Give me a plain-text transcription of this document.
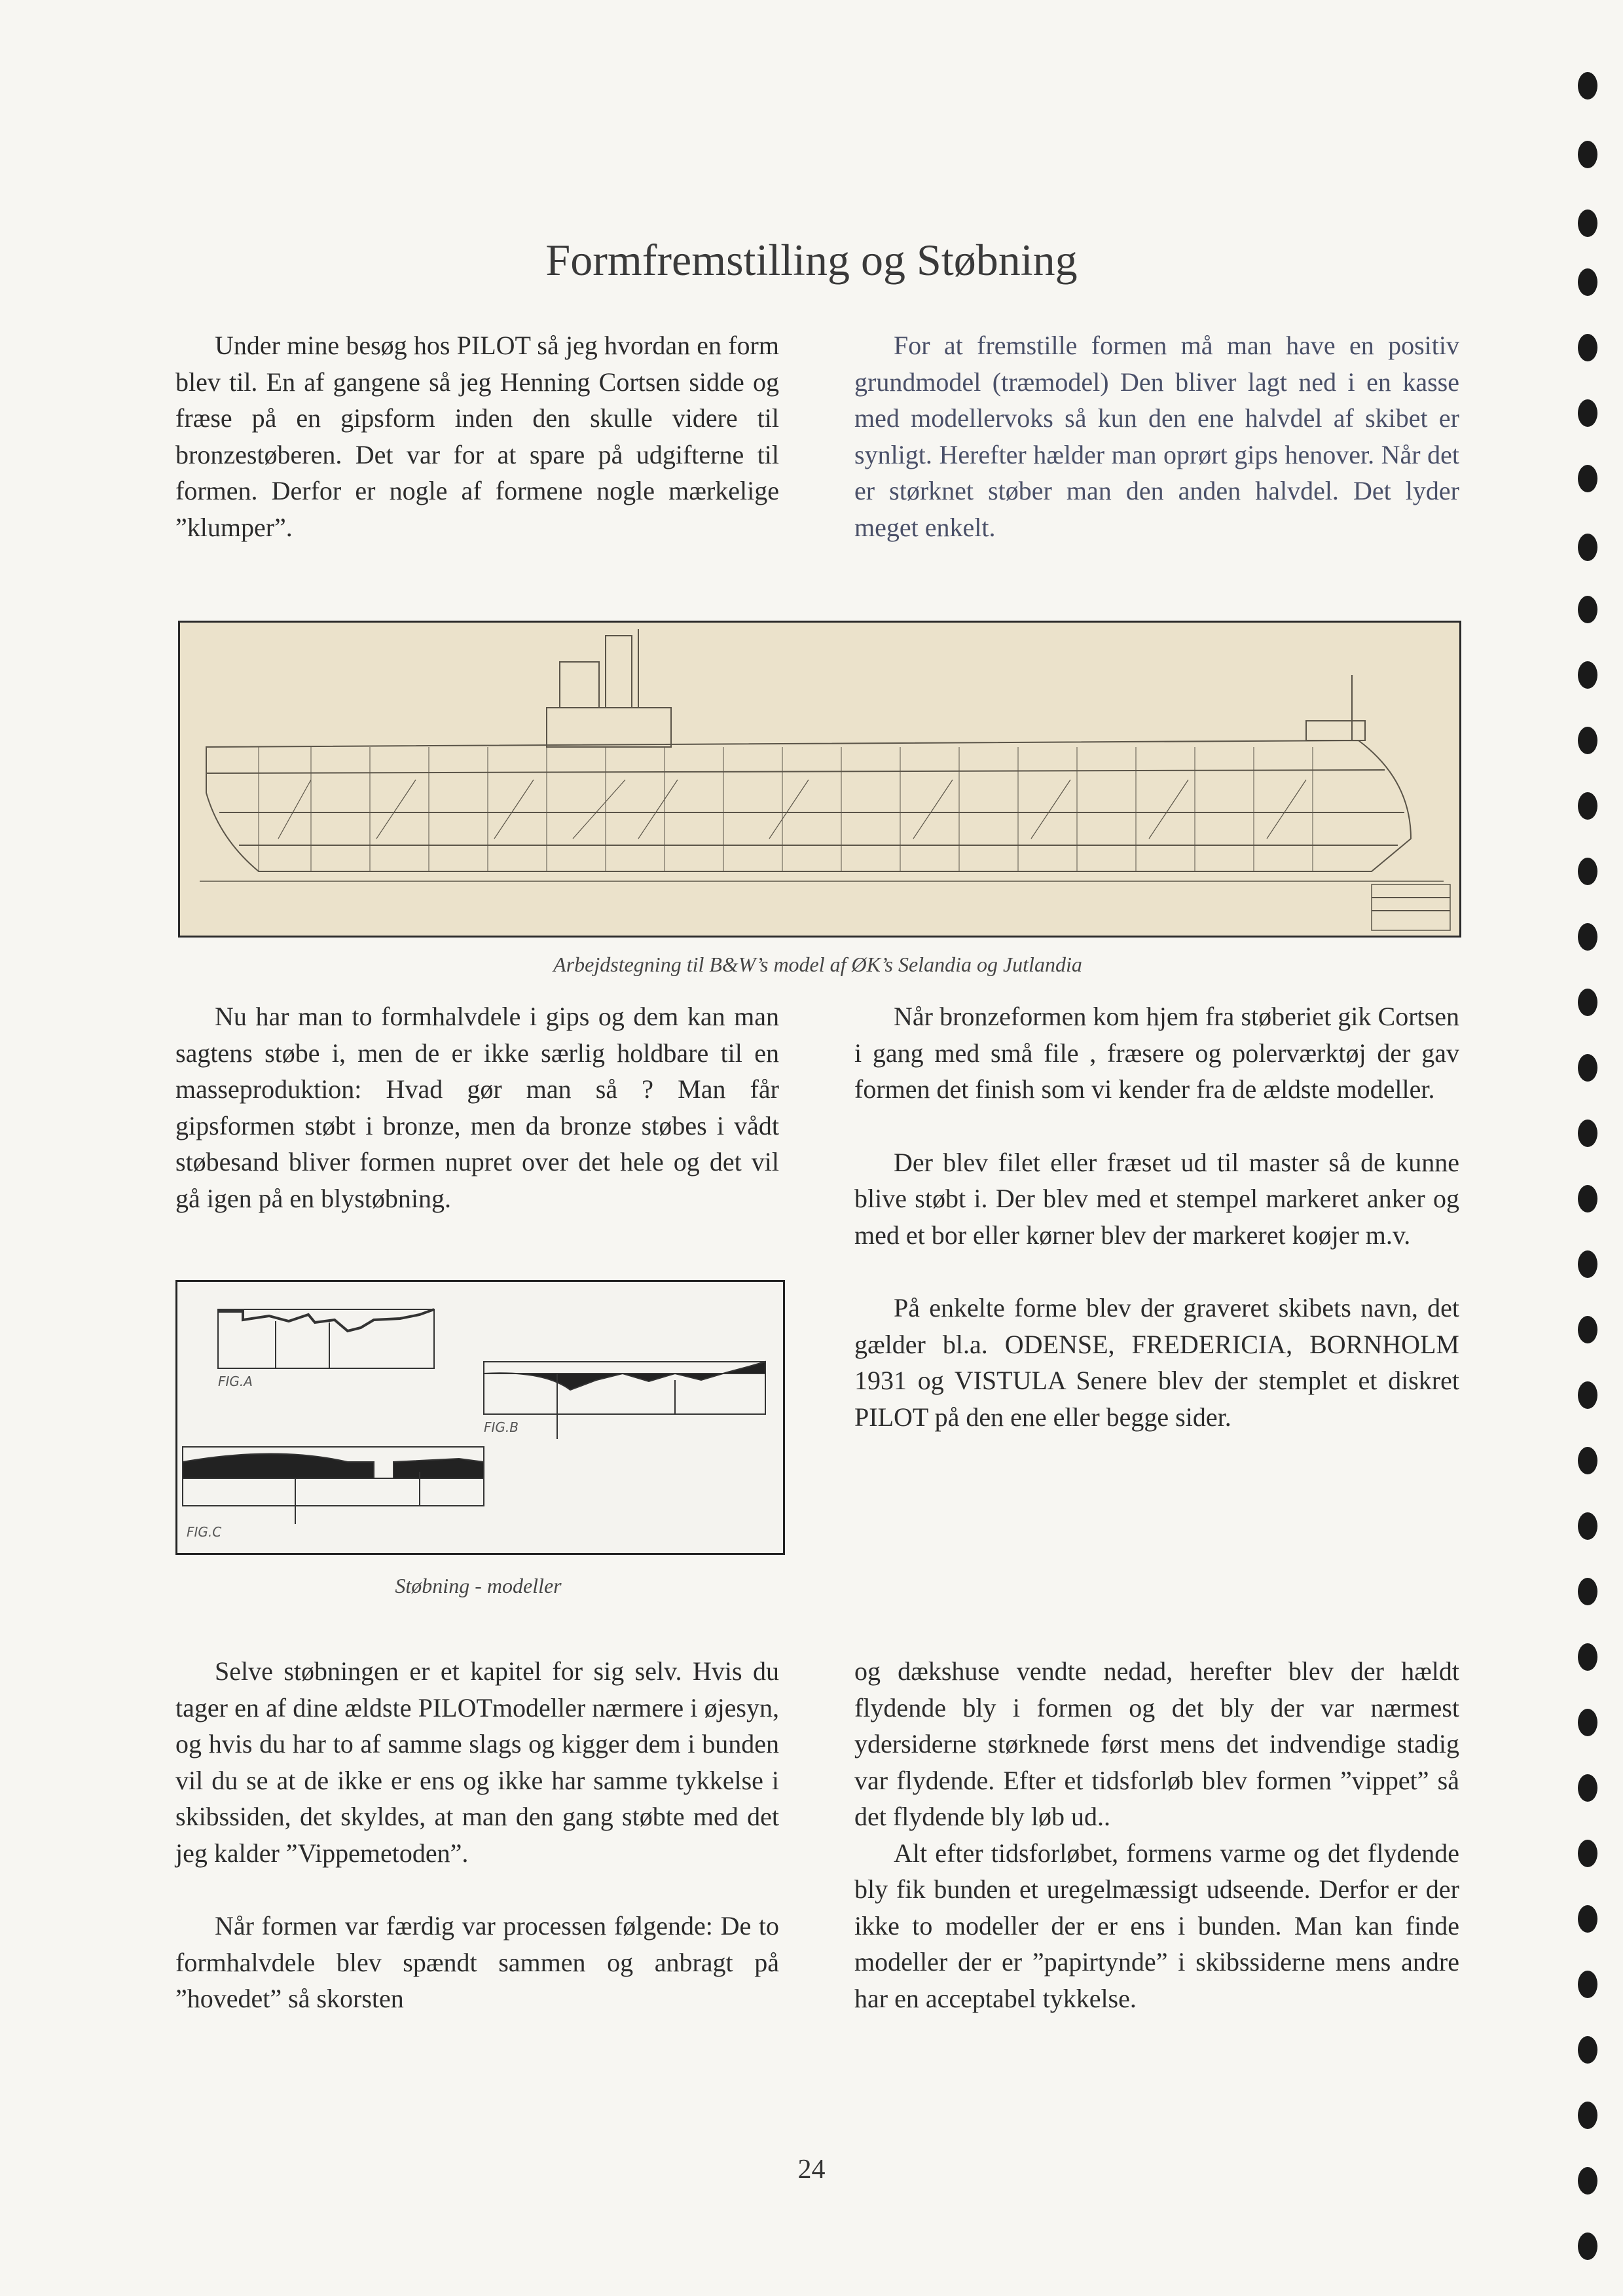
Formfremstilling og Støbning

Under mine besøg hos PILOT så jeg hvordan en form blev til. En af gangene så jeg Henning Cortsen sidde og fræse på en gipsform inden den skulle videre til bronzestøberen. Det var for at spare på udgifterne til formen. Derfor er nogle af formene nogle mærkelige ”klumper”.

For at fremstille formen må man have en positiv grundmodel (træmodel) Den bliver lagt ned i en kasse med modellervoks så kun den ene halvdel af skibet er synligt. Herefter hælder man oprørt gips henover. Når det er størknet støber man den anden halvdel. Det lyder meget enkelt.

Arbejdstegning til B&W’s model af ØK’s Selandia og Jutlandia

Nu har man to formhalvdele i gips og dem kan man sagtens støbe i, men de er ikke særlig holdbare til en masseproduktion: Hvad gør man så ? Man får gipsformen støbt i bronze, men da bronze støbes i vådt støbesand bliver formen nupret over det hele og det vil gå igen på en blystøbning.

Når bronzeformen kom hjem fra støberiet gik Cortsen i gang med små file , fræsere og polerværktøj der gav formen det finish som vi kender fra de ældste modeller.

Der blev filet eller fræset ud til master så de kunne blive støbt i. Der blev med et stempel markeret anker og med et bor eller kørner blev der markeret koøjer m.v.

På enkelte forme blev der graveret skibets navn, det gælder bl.a. ODENSE, FREDERICIA, BORNHOLM 1931 og VISTULA Senere blev der stemplet et diskret PILOT på den ene eller begge sider.

FIG.A
FIG.B
FIG.C
Støbning - modeller

Selve støbningen er et kapitel for sig selv. Hvis du tager en af dine ældste PILOTmodeller nærmere i øjesyn, og hvis du har to af samme slags og kigger dem i bunden vil du se at de ikke er ens og ikke har samme tykkelse i skibssiden, det skyldes, at man den gang støbte med det jeg kalder ”Vippemetoden”.

Når formen var færdig var processen følgende: De to formhalvdele blev spændt sammen og anbragt på ”hovedet” så skorsten

og dækshuse vendte nedad, herefter blev der hældt flydende bly i formen og det bly der var nærmest ydersiderne størknede først mens det indvendige stadig var flydende. Efter et tidsforløb blev formen ”vippet” så det flydende bly løb ud..

Alt efter tidsforløbet, formens varme og det flydende bly fik bunden et uregelmæssigt udseende. Derfor er der ikke to modeller der er ens i bunden. Man kan finde modeller der er ”papirtynde” i skibssiderne mens andre har en acceptabel tykkelse.

24
